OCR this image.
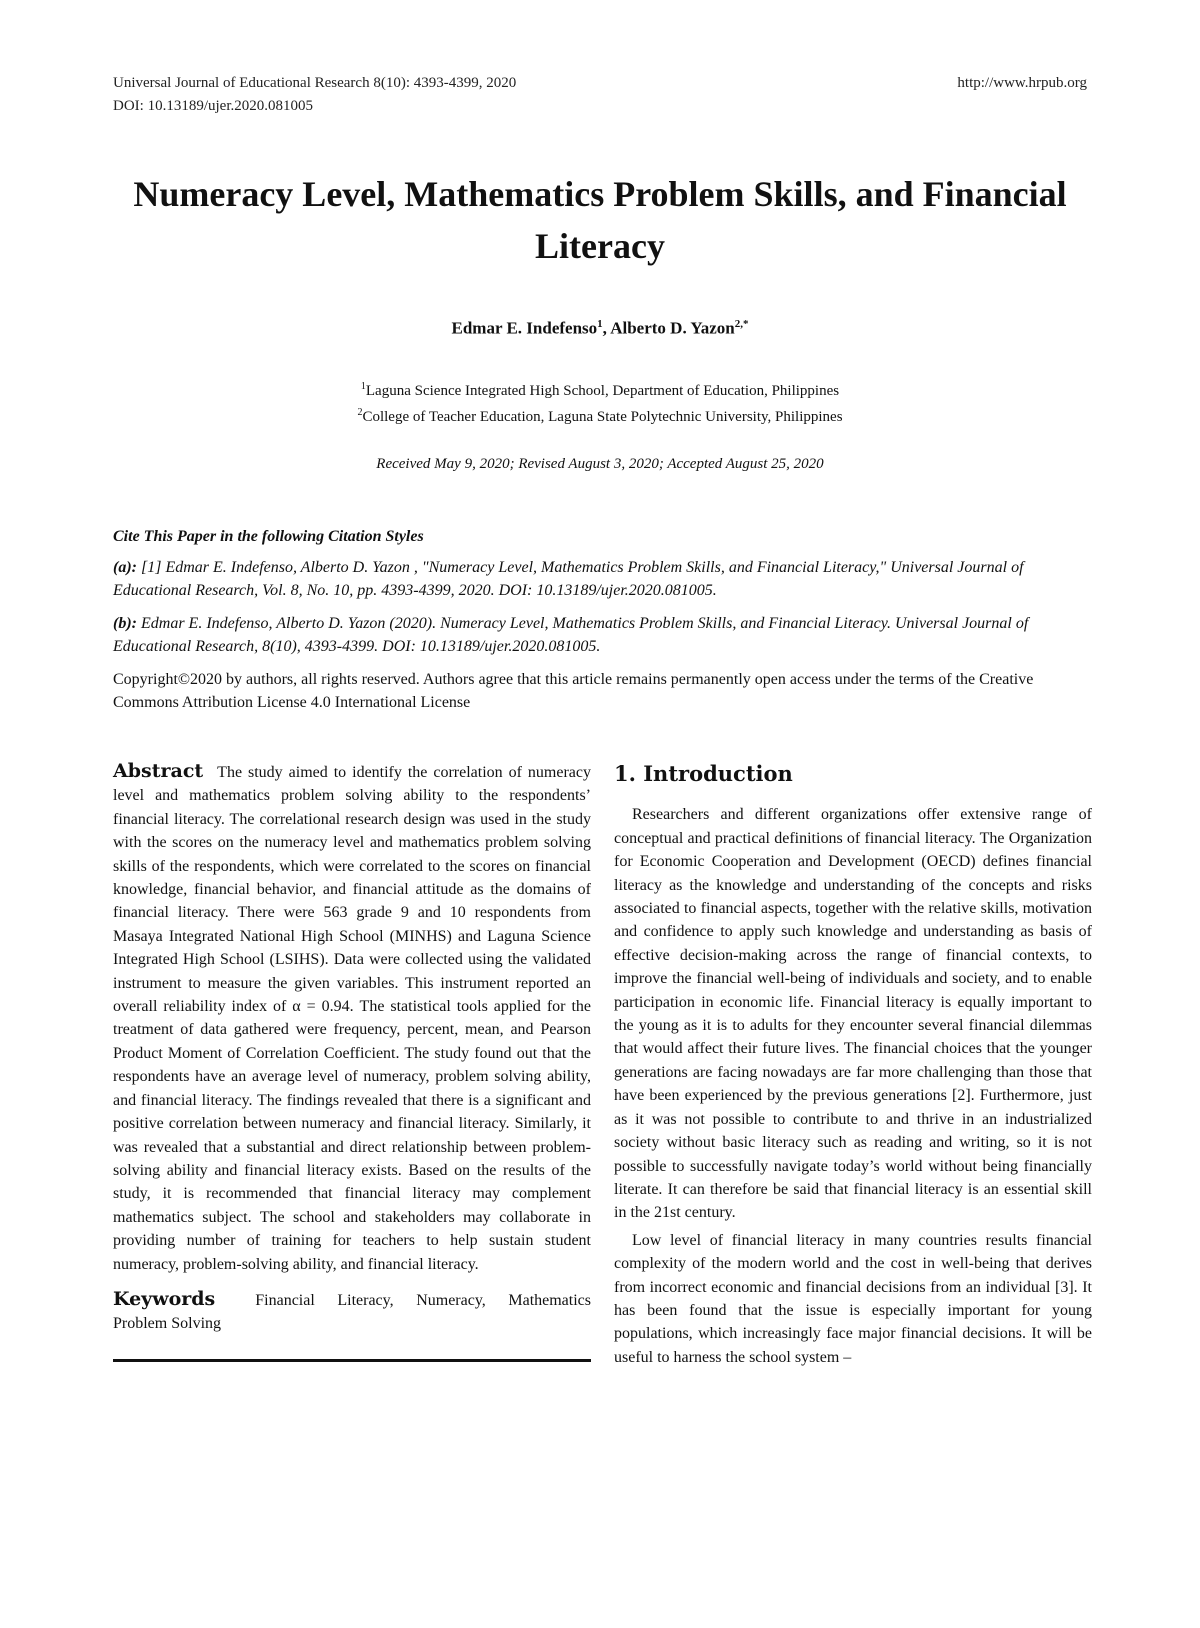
Universal Journal of Educational Research 8(10): 4393-4399, 2020
DOI: 10.13189/ujer.2020.081005
http://www.hrpub.org
Numeracy Level, Mathematics Problem Skills, and Financial Literacy
Edmar E. Indefenso$^1$, Alberto D. Yazon$^{2,*}$
$^1$Laguna Science Integrated High School, Department of Education, Philippines
$^2$College of Teacher Education, Laguna State Polytechnic University, Philippines
Received May 9, 2020; Revised August 3, 2020; Accepted August 25, 2020

Cite This Paper in the following Citation Styles

(a): [1] Edmar E. Indefenso, Alberto D. Yazon , "Numeracy Level, Mathematics Problem Skills, and Financial Literacy," Universal Journal of Educational Research, Vol. 8, No. 10, pp. 4393-4399, 2020. DOI: 10.13189/ujer.2020.081005.

(b): Edmar E. Indefenso, Alberto D. Yazon (2020). Numeracy Level, Mathematics Problem Skills, and Financial Literacy. Universal Journal of Educational Research, 8(10), 4393-4399. DOI: 10.13189/ujer.2020.081005.

Copyright©2020 by authors, all rights reserved. Authors agree that this article remains permanently open access under the terms of the Creative Commons Attribution License 4.0 International License

Abstract The study aimed to identify the correlation of numeracy level and mathematics problem solving ability to the respondents’ financial literacy. The correlational research design was used in the study with the scores on the numeracy level and mathematics problem solving skills of the respondents, which were correlated to the scores on financial knowledge, financial behavior, and financial attitude as the domains of financial literacy. There were 563 grade 9 and 10 respondents from Masaya Integrated National High School (MINHS) and Laguna Science Integrated High School (LSIHS). Data were collected using the validated instrument to measure the given variables. This instrument reported an overall reliability index of α = 0.94. The statistical tools applied for the treatment of data gathered were frequency, percent, mean, and Pearson Product Moment of Correlation Coefficient. The study found out that the respondents have an average level of numeracy, problem solving ability, and financial literacy. The findings revealed that there is a significant and positive correlation between numeracy and financial literacy. Similarly, it was revealed that a substantial and direct relationship between problem-solving ability and financial literacy exists. Based on the results of the study, it is recommended that financial literacy may complement mathematics subject. The school and stakeholders may collaborate in providing number of training for teachers to help sustain student numeracy, problem-solving ability, and financial literacy.

Keywords	Financial Literacy, Numeracy, Mathematics Problem Solving

1. Introduction

Researchers and different organizations offer extensive range of conceptual and practical definitions of financial literacy. The Organization for Economic Cooperation and Development (OECD) defines financial literacy as the knowledge and understanding of the concepts and risks associated to financial aspects, together with the relative skills, motivation and confidence to apply such knowledge and understanding as basis of effective decision-making across the range of financial contexts, to improve the financial well-being of individuals and society, and to enable participation in economic life. Financial literacy is equally important to the young as it is to adults for they encounter several financial dilemmas that would affect their future lives. The financial choices that the younger generations are facing nowadays are far more challenging than those that have been experienced by the previous generations [2]. Furthermore, just as it was not possible to contribute to and thrive in an industrialized society without basic literacy such as reading and writing, so it is not possible to successfully navigate today’s world without being financially literate. It can therefore be said that financial literacy is an essential skill in the 21st century.

Low level of financial literacy in many countries results financial complexity of the modern world and the cost in well-being that derives from incorrect economic and financial decisions from an individual [3]. It has been found that the issue is especially important for young populations, which increasingly face major financial decisions. It will be useful to harness the school system –
